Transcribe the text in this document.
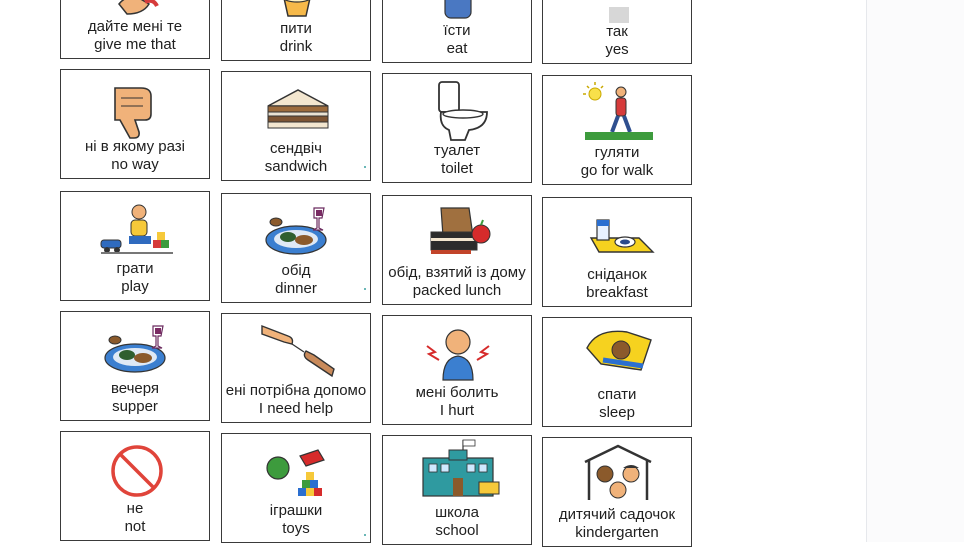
дайте мені те
give me that
пити
drink
їсти
eat
так
yes
ні в якому разі
no way
сендвіч
sandwich
туалет
toilet
гуляти
go for walk
грати
play
обід
dinner
обід, взятий із дому
packed lunch
сніданок
breakfast
вечеря
supper
ені потрібна допомо
I need help
мені болить
I hurt
спати
sleep
не
not
іграшки
toys
школа
school
дитячий садочок
kindergarten
